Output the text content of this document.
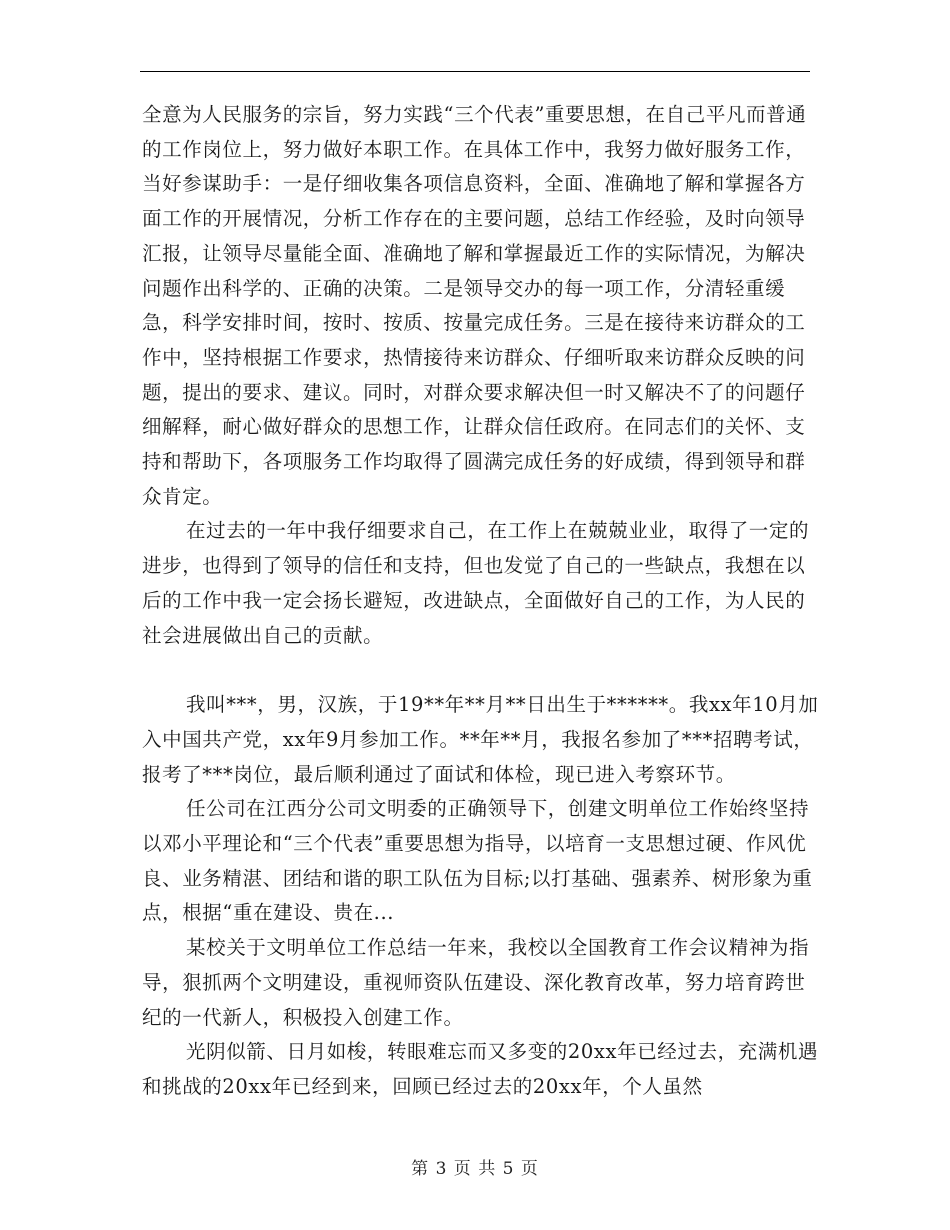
全意为人民服务的宗旨，努力实践“三个代表”重要思想，在自己平凡而普通的工作岗位上，努力做好本职工作。在具体工作中，我努力做好服务工作，当好参谋助手：一是仔细收集各项信息资料，全面、准确地了解和掌握各方面工作的开展情况，分析工作存在的主要问题，总结工作经验，及时向领导汇报，让领导尽量能全面、准确地了解和掌握最近工作的实际情况，为解决问题作出科学的、正确的决策。二是领导交办的每一项工作，分清轻重缓急，科学安排时间，按时、按质、按量完成任务。三是在接待来访群众的工作中，坚持根据工作要求，热情接待来访群众、仔细听取来访群众反映的问题，提出的要求、建议。同时，对群众要求解决但一时又解决不了的问题仔细解释，耐心做好群众的思想工作，让群众信任政府。在同志们的关怀、支持和帮助下，各项服务工作均取得了圆满完成任务的好成绩，得到领导和群众肯定。

在过去的一年中我仔细要求自己，在工作上在兢兢业业，取得了一定的进步，也得到了领导的信任和支持，但也发觉了自己的一些缺点，我想在以后的工作中我一定会扬长避短，改进缺点，全面做好自己的工作，为人民的社会进展做出自己的贡献。

我叫***，男，汉族，于19**年**月**日出生于******。我xx年10月加入中国共产党，xx年9月参加工作。**年**月，我报名参加了***招聘考试，报考了***岗位，最后顺利通过了面试和体检，现已进入考察环节。

任公司在江西分公司文明委的正确领导下，创建文明单位工作始终坚持以邓小平理论和“三个代表”重要思想为指导，以培育一支思想过硬、作风优良、业务精湛、团结和谐的职工队伍为目标;以打基础、强素养、树形象为重点，根据“重在建设、贵在...

某校关于文明单位工作总结一年来，我校以全国教育工作会议精神为指导，狠抓两个文明建设，重视师资队伍建设、深化教育改革，努力培育跨世纪的一代新人，积极投入创建工作。

光阴似箭、日月如梭，转眼难忘而又多变的20xx年已经过去，充满机遇和挑战的20xx年已经到来，回顾已经过去的20xx年，个人虽然

第 3 页 共 5 页
